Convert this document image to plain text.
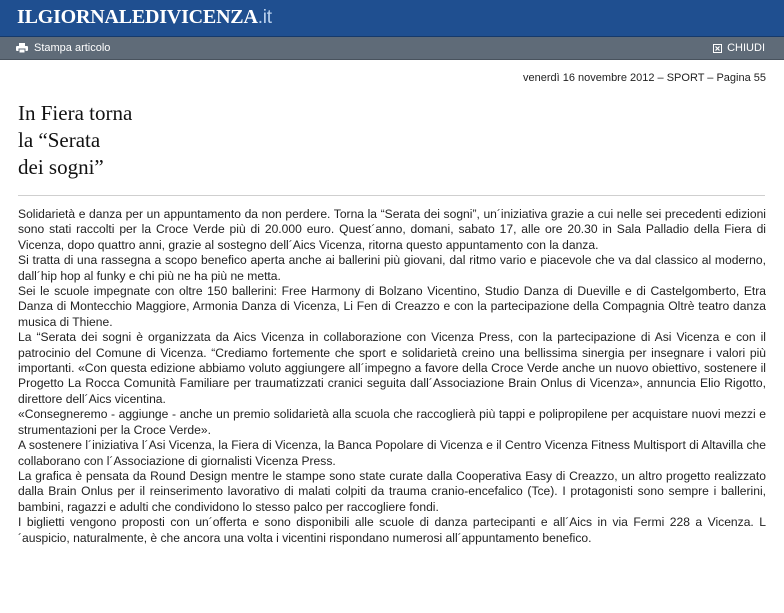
ILGIORNALEDIVICENZA.it
Stampa articolo	CHIUDI
venerdì 16 novembre 2012 – SPORT – Pagina 55
In Fiera torna
la “Serata
dei sogni”

Solidarietà e danza per un appuntamento da non perdere. Torna la “Serata dei sogni”, un´iniziativa grazie a cui nelle sei precedenti edizioni sono stati raccolti per la Croce Verde più di 20.000 euro. Quest´anno, domani, sabato 17, alle ore 20.30 in Sala Palladio della Fiera di Vicenza, dopo quattro anni, grazie al sostegno dell´Aics Vicenza, ritorna questo appuntamento con la danza.

Si tratta di una rassegna a scopo benefico aperta anche ai ballerini più giovani, dal ritmo vario e piacevole che va dal classico al moderno, dall´hip hop al funky e chi più ne ha più ne metta.

Sei le scuole impegnate con oltre 150 ballerini: Free Harmony di Bolzano Vicentino, Studio Danza di Dueville e di Castelgomberto, Etra Danza di Montecchio Maggiore, Armonia Danza di Vicenza, Li Fen di Creazzo e con la partecipazione della Compagnia Oltrè teatro danza musica di Thiene.

La “Serata dei sogni è organizzata da Aics Vicenza in collaborazione con Vicenza Press, con la partecipazione di Asi Vicenza e con il patrocinio del Comune di Vicenza. “Crediamo fortemente che sport e solidarietà creino una bellissima sinergia per insegnare i valori più importanti. «Con questa edizione abbiamo voluto aggiungere all´impegno a favore della Croce Verde anche un nuovo obiettivo, sostenere il Progetto La Rocca Comunità Familiare per traumatizzati cranici seguita dall´Associazione Brain Onlus di Vicenza», annuncia Elio Rigotto, direttore dell´Aics vicentina.

«Consegneremo - aggiunge - anche un premio solidarietà alla scuola che raccoglierà più tappi e polipropilene per acquistare nuovi mezzi e strumentazioni per la Croce Verde».

A sostenere l´iniziativa l´Asi Vicenza, la Fiera di Vicenza, la Banca Popolare di Vicenza e il Centro Vicenza Fitness Multisport di Altavilla che collaborano con l´Associazione di giornalisti Vicenza Press.

La grafica è pensata da Round Design mentre le stampe sono state curate dalla Cooperativa Easy di Creazzo, un altro progetto realizzato dalla Brain Onlus per il reinserimento lavorativo di malati colpiti da trauma cranio-encefalico (Tce). I protagonisti sono sempre i ballerini, bambini, ragazzi e adulti che condividono lo stesso palco per raccogliere fondi.

I biglietti vengono proposti con un´offerta e sono disponibili alle scuole di danza partecipanti e all´Aics in via Fermi 228 a Vicenza. L´auspicio, naturalmente, è che ancora una volta i vicentini rispondano numerosi all´appuntamento benefico.
